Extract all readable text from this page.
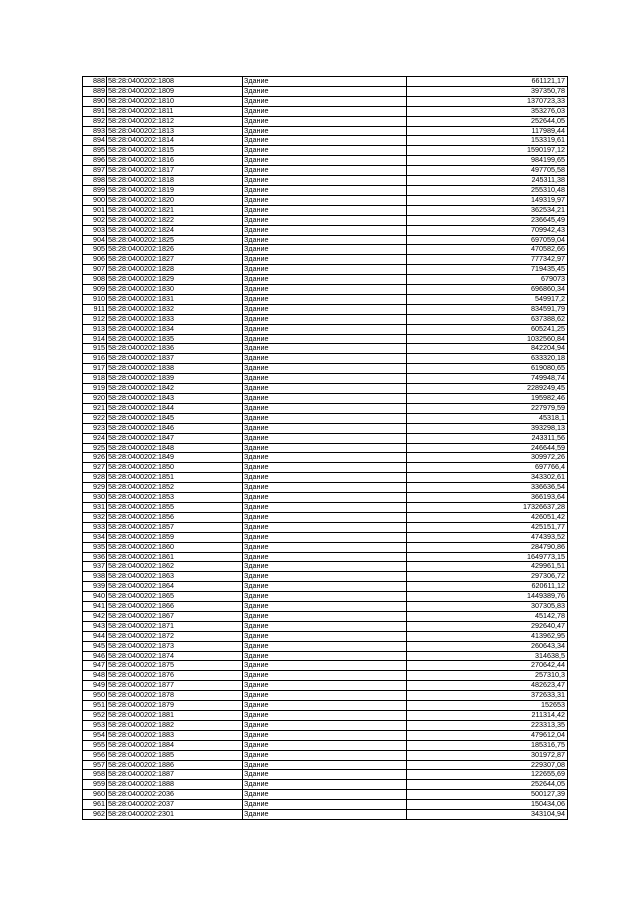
888	58:28:0400202:1808	Здание	661121,17
889	58:28:0400202:1809	Здание	397350,78
890	58:28:0400202:1810	Здание	1370723,33
891	58:28:0400202:1811	Здание	353276,03
892	58:28:0400202:1812	Здание	252644,05
893	58:28:0400202:1813	Здание	117989,44
894	58:28:0400202:1814	Здание	153319,61
895	58:28:0400202:1815	Здание	1590197,12
896	58:28:0400202:1816	Здание	984199,65
897	58:28:0400202:1817	Здание	497705,58
898	58:28:0400202:1818	Здание	245311,38
899	58:28:0400202:1819	Здание	255310,48
900	58:28:0400202:1820	Здание	149319,97
901	58:28:0400202:1821	Здание	362534,21
902	58:28:0400202:1822	Здание	236645,49
903	58:28:0400202:1824	Здание	709942,43
904	58:28:0400202:1825	Здание	697059,04
905	58:28:0400202:1826	Здание	470582,66
906	58:28:0400202:1827	Здание	777342,97
907	58:28:0400202:1828	Здание	719435,45
908	58:28:0400202:1829	Здание	679073
909	58:28:0400202:1830	Здание	696860,34
910	58:28:0400202:1831	Здание	549917,2
911	58:28:0400202:1832	Здание	834591,79
912	58:28:0400202:1833	Здание	637388,62
913	58:28:0400202:1834	Здание	605241,25
914	58:28:0400202:1835	Здание	1032560,84
915	58:28:0400202:1836	Здание	842204,94
916	58:28:0400202:1837	Здание	633320,18
917	58:28:0400202:1838	Здание	619080,65
918	58:28:0400202:1839	Здание	749948,74
919	58:28:0400202:1842	Здание	2289249,45
920	58:28:0400202:1843	Здание	195982,46
921	58:28:0400202:1844	Здание	227979,59
922	58:28:0400202:1845	Здание	45318,1
923	58:28:0400202:1846	Здание	393298,13
924	58:28:0400202:1847	Здание	243311,56
925	58:28:0400202:1848	Здание	246644,59
926	58:28:0400202:1849	Здание	309972,26
927	58:28:0400202:1850	Здание	697766,4
928	58:28:0400202:1851	Здание	343302,61
929	58:28:0400202:1852	Здание	336636,54
930	58:28:0400202:1853	Здание	366193,64
931	58:28:0400202:1855	Здание	17326637,28
932	58:28:0400202:1856	Здание	426051,42
933	58:28:0400202:1857	Здание	425151,77
934	58:28:0400202:1859	Здание	474393,52
935	58:28:0400202:1860	Здание	284790,86
936	58:28:0400202:1861	Здание	1649773,15
937	58:28:0400202:1862	Здание	429961,51
938	58:28:0400202:1863	Здание	297306,72
939	58:28:0400202:1864	Здание	620611,12
940	58:28:0400202:1865	Здание	1449389,76
941	58:28:0400202:1866	Здание	307305,83
942	58:28:0400202:1867	Здание	45142,78
943	58:28:0400202:1871	Здание	292640,47
944	58:28:0400202:1872	Здание	413962,95
945	58:28:0400202:1873	Здание	260643,34
946	58:28:0400202:1874	Здание	314638,5
947	58:28:0400202:1875	Здание	270642,44
948	58:28:0400202:1876	Здание	257310,3
949	58:28:0400202:1877	Здание	482623,47
950	58:28:0400202:1878	Здание	372633,31
951	58:28:0400202:1879	Здание	152653
952	58:28:0400202:1881	Здание	211314,42
953	58:28:0400202:1882	Здание	223313,35
954	58:28:0400202:1883	Здание	479612,04
955	58:28:0400202:1884	Здание	185316,75
956	58:28:0400202:1885	Здание	301972,87
957	58:28:0400202:1886	Здание	229307,08
958	58:28:0400202:1887	Здание	122655,69
959	58:28:0400202:1888	Здание	252644,05
960	58:28:0400202:2036	Здание	500127,39
961	58:28:0400202:2037	Здание	150434,06
962	58:28:0400202:2301	Здание	343104,94
